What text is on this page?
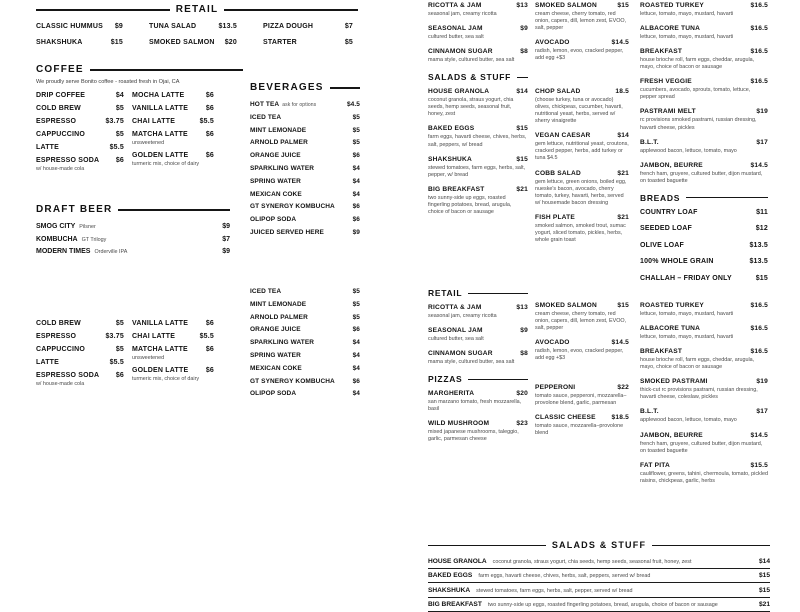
RETAIL
CLASSIC HUMMUS $9	TUNA SALAD	$13.5	PIZZA DOUGH	$7
SHAKSHUKA	$15	SMOKED SALMON $20	STARTER	$5
COFFEE
We proudly serve Bonito coffee - roasted fresh in Ojai, CA
DRIP COFFEE	$4
COLD BREW	$5
ESPRESSO	$3.75
CAPPUCCINO	$5
LATTE	$5.5
ESPRESSO SODA $6
w/ house-made cola
MOCHA LATTE	$6
VANILLA LATTE	$6
CHAI LATTE	$5.5
MATCHA LATTE	$6
unsweetened
GOLDEN LATTE $6
turmeric mix, choice of dairy
DRAFT BEER
SMOG CITY Pilsner	$9
KOMBUCHA GT Trilogy	$7
MODERN TIMES Orderville IPA	$9
COLD BREW	$5
ESPRESSO	$3.75
CAPPUCCINO	$5
LATTE	$5.5
ESPRESSO SODA $6
w/ house-made cola
VANILLA LATTE	$6
CHAI LATTE	$5.5
MATCHA LATTE	$6
unsweetened
GOLDEN LATTE $6
turmeric mix, choice of dairy
BEVERAGES
HOT TEA ask for options	$4.5
ICED TEA	$5
MINT LEMONADE	$5
ARNOLD PALMER	$5
ORANGE JUICE	$6
SPARKLING WATER	$4
SPRING WATER	$4
MEXICAN COKE	$4
GT SYNERGY KOMBUCHA	$6
OLIPOP SODA	$6
JUICED SERVED HERE	$9
ICED TEA	$5
MINT LEMONADE	$5
ARNOLD PALMER	$5
ORANGE JUICE	$6
SPARKLING WATER	$4
SPRING WATER	$4
MEXICAN COKE	$4
GT SYNERGY KOMBUCHA	$6
OLIPOP SODA	$4
RICOTTA & JAM	$13
seasonal jam, creamy ricotta
SEASONAL JAM	$9
cultured butter, sea salt
CINNAMON SUGAR	$8
mama style, cultured butter, sea salt
SALADS & STUFF
HOUSE GRANOLA	$14
coconut granola, straus yogurt, chia seeds, hemp seeds, seasonal fruit, honey, zest
BAKED EGGS	$15
farm eggs, havarti cheese, chives, herbs, salt, peppers, w/ bread
SHAKSHUKA	$15
stewed tomatoes, farm eggs, herbs, salt, pepper, w/ bread
BIG BREAKFAST	$21
two sunny-side up eggs, roasted fingerling potatoes, bread, arugula, choice of bacon or sausage
SMOKED SALMON	$15
cream cheese, cherry tomato, red onion, capers, dill, lemon zest, EVOO, salt, pepper
AVOCADO	$14.5
radish, lemon, evoo, cracked pepper, add egg +$3
CHOP SALAD	18.5
(choose turkey, tuna or avocado) olives, chickpeas, cucumber, havarti, nutritional yeast, herbs, served w/ sherry vinaigrette
VEGAN CAESAR	$14
gem lettuce, nutritional yeast, croutons, cracked pepper, herbs, add turkey or tuna $4.5
COBB SALAD	$21
gem lettuce, green onions, boiled egg, nueske's bacon, avocado, cherry tomato, turkey, havarti, herbs, served w/ housemade bacon dressing
FISH PLATE	$21
smoked salmon, smoked trout, sumac yogurt, sliced tomato, pickles, herbs, whole grain toast
ROASTED TURKEY	$16.5
lettuce, tomato, mayo, mustard, havarti
ALBACORE TUNA	$16.5
lettuce, tomato, mayo, mustard, havarti
BREAKFAST	$16.5
house brioche roll, farm eggs, cheddar, arugula, mayo, choice of bacon or sausage
FRESH VEGGIE	$16.5
cucumbers, avocado, sprouts, tomato, lettuce, pepper spread
PASTRAMI MELT	$19
rc provisions smoked pastrami, russian dressing, havarti cheese, pickles
B.L.T.	$17
applewood bacon, lettuce, tomato, mayo
JAMBON, BEURRE	$14.5
french ham, gruyere, cultured butter, dijon mustard, on toasted baguette
BREADS
COUNTRY LOAF	$11
SEEDED LOAF	$12
OLIVE LOAF	$13.5
100% WHOLE GRAIN	$13.5
CHALLAH – FRIDAY ONLY	$15
RETAIL
RICOTTA & JAM	$13
seasonal jam, creamy ricotta
SEASONAL JAM	$9
cultured butter, sea salt
CINNAMON SUGAR	$8
mama style, cultured butter, sea salt
PIZZAS
MARGHERITA	$20
san marzano tomato, fresh mozzarella, basil
WILD MUSHROOM	$23
mixed japanese mushrooms, taleggio, garlic, parmesan cheese
SMOKED SALMON	$15
cream cheese, cherry tomato, red onion, capers, dill, lemon zest, EVOO, salt, pepper
AVOCADO	$14.5
radish, lemon, evoo, cracked pepper, add egg +$3
PEPPERONI	$22
tomato sauce, pepperoni, mozzarella–provolone blend, garlic, parmesan
CLASSIC CHEESE $18.5
tomato sauce, mozzarella–provolone blend
ROASTED TURKEY	$16.5
lettuce, tomato, mayo, mustard, havarti
ALBACORE TUNA	$16.5
lettuce, tomato, mayo, mustard, havarti
BREAKFAST	$16.5
house brioche roll, farm eggs, cheddar, arugula, mayo, choice of bacon or sausage
SMOKED PASTRAMI	$19
thick-cut rc provisions pastrami, russian dressing, havarti cheese, coleslaw, pickles
B.L.T.	$17
applewood bacon, lettuce, tomato, mayo
JAMBON, BEURRE	$14.5
french ham, gruyere, cultured butter, dijon mustard, on toasted baguette
FAT PITA	$15.5
cauliflower, greens, tahini, chermoula, tomato, pickled raisins, chickpeas, garlic, herbs
SALADS & STUFF
HOUSE GRANOLA coconut granola, straus yogurt, chia seeds, hemp seeds, seasonal fruit, honey, zest	$14
BAKED EGGS farm eggs, havarti cheese, chives, herbs, salt, peppers, served w/ bread	$15
SHAKSHUKA stewed tomatoes, farm eggs, herbs, salt, pepper, served w/ bread	$15
BIG BREAKFAST two sunny-side up eggs, roasted fingerling potatoes, bread, arugula, choice of bacon or sausage	$21
